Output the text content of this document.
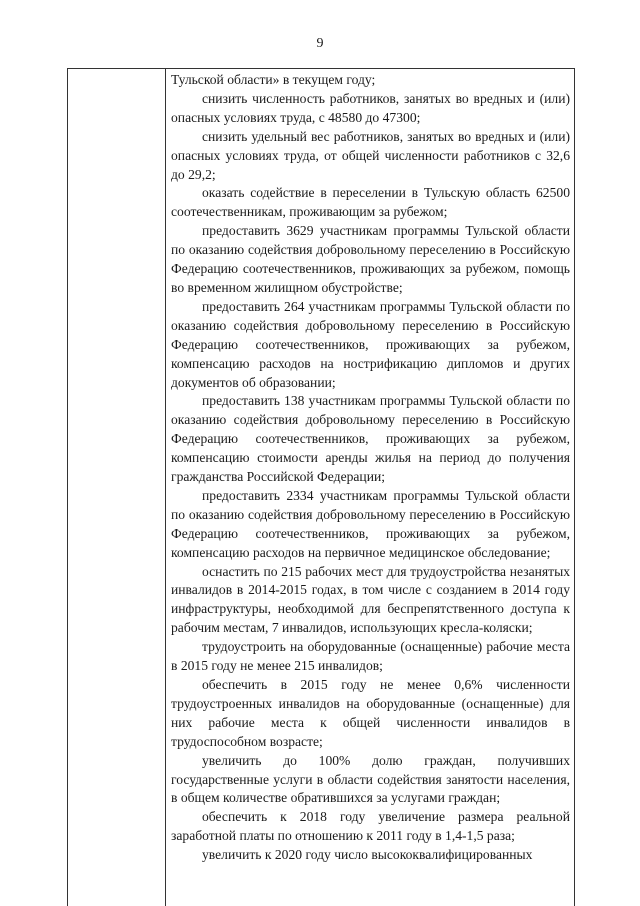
9

Тульской области» в текущем году;

снизить численность работников, занятых во вредных и (или) опасных условиях труда, с 48580 до 47300;

снизить удельный вес работников, занятых во вредных и (или) опасных условиях труда, от общей численности работников с 32,6 до 29,2;

оказать содействие в переселении в Тульскую область 62500 соотечественникам, проживающим за рубежом;

предоставить 3629 участникам программы Тульской области по оказанию содействия добровольному переселению в Российскую Федерацию соотечественников, проживающих за рубежом, помощь во временном жилищном обустройстве;

предоставить 264 участникам программы Тульской области по оказанию содействия добровольному переселению в Российскую Федерацию соотечественников, проживающих за рубежом, компенсацию расходов на нострификацию дипломов и других документов об образовании;

предоставить 138 участникам программы Тульской области по оказанию содействия добровольному переселению в Российскую Федерацию соотечественников, проживающих за рубежом, компенсацию стоимости аренды жилья на период до получения гражданства Российской Федерации;

предоставить 2334 участникам программы Тульской области по оказанию содействия добровольному переселению в Российскую Федерацию соотечественников, проживающих за рубежом, компенсацию расходов на первичное медицинское обследование;

оснастить по 215 рабочих мест для трудоустройства незанятых инвалидов в 2014-2015 годах, в том числе с созданием в 2014 году инфраструктуры, необходимой для беспрепятственного доступа к рабочим местам, 7 инвалидов, использующих кресла-коляски;

трудоустроить на оборудованные (оснащенные) рабочие места в 2015 году не менее 215 инвалидов;

обеспечить в 2015 году не менее 0,6% численности трудоустроенных инвалидов на оборудованные (оснащенные) для них рабочие места к общей численности инвалидов в трудоспособном возрасте;

увеличить до 100% долю граждан, получивших государственные услуги в области содействия занятости населения, в общем количестве обратившихся за услугами граждан;

обеспечить к 2018 году увеличение размера реальной заработной платы по отношению к 2011 году в 1,4-1,5 раза;

увеличить к 2020 году число высококвалифицированных
